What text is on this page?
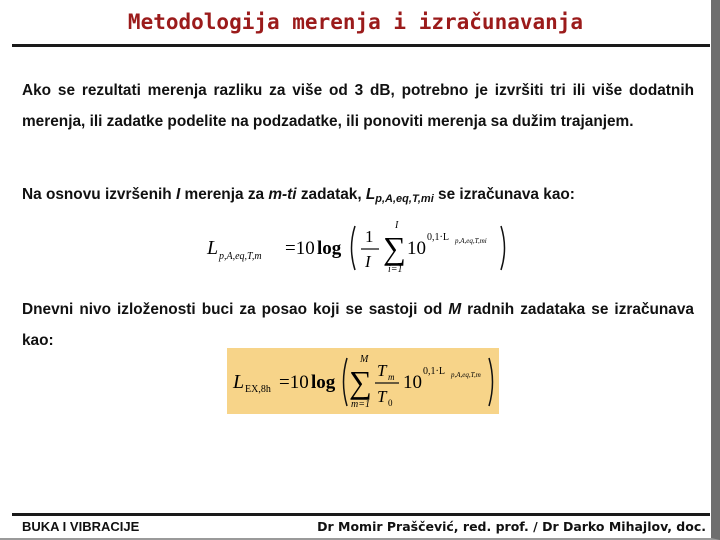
Metodologija merenja i izračunavanja
Ako se rezultati merenja razliku za više od 3 dB, potrebno je izvršiti tri ili više dodatnih merenja, ili zadatke podelite na podzadatke, ili ponoviti merenja sa dužim trajanjem.
Na osnovu izvršenih I merenja za m-ti zadatak, $L_{p,A,eq,T,mi}$ se izračunava kao:
L p,A,eq,T,m =10 log
1
I
I
∑
i=1
10
0,1·L p,A,eq,T,mi
Dnevni nivo izloženosti buci za posao koji se sastoji od M radnih zadataka se izračunava kao:
L EX,8h =10 log
M
∑
m=1
T m
T 0
10
0,1·L p,A,eq,T,m
BUKA I VIBRACIJE	Dr Momir Praščević, red. prof. / Dr Darko Mihajlov, doc.
